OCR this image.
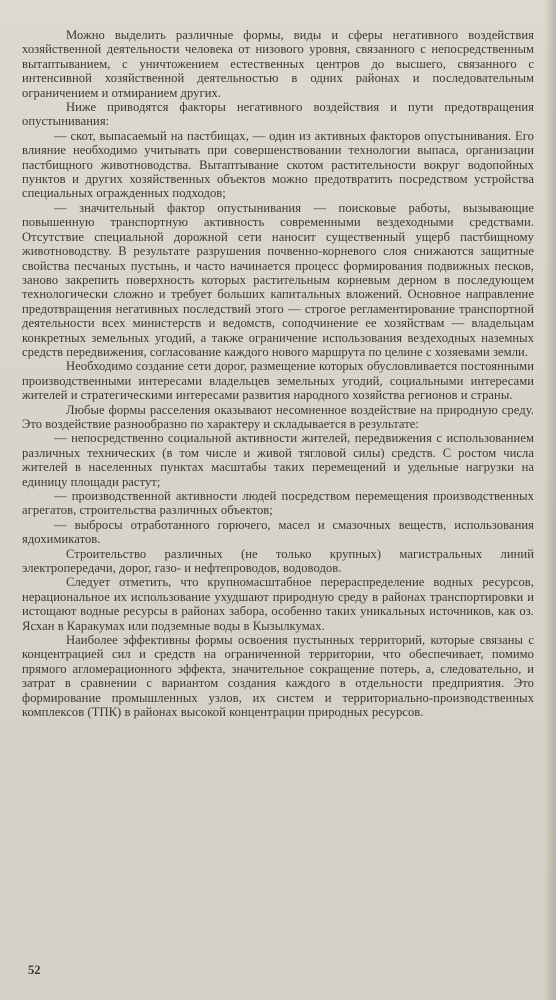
Можно выделить различные формы, виды и сферы негативного воздействия хозяйственной деятельности человека от низового уровня, связанного с непосредственным вытаптыванием, с уничтожением естественных центров до высшего, связанного с интенсивной хозяйственной деятельностью в одних районах и последовательным ограничением и отмиранием других.

Ниже приводятся факторы негативного воздействия и пути предотвращения опустынивания:

— скот, выпасаемый на пастбищах, — один из активных факторов опустынивания. Его влияние необходимо учитывать при совершенствовании технологии выпаса, организации пастбищного животноводства. Вытаптывание скотом растительности вокруг водопойных пунктов и других хозяйственных объектов можно предотвратить посредством устройства специальных огражденных подходов;

— значительный фактор опустынивания — поисковые работы, вызывающие повышенную транспортную активность современными вездеходными средствами. Отсутствие специальной дорожной сети наносит существенный ущерб пастбищному животноводству. В результате разрушения почвенно-корневого слоя снижаются защитные свойства песчаных пустынь, и часто начинается процесс формирования подвижных песков, заново закрепить поверхность которых растительным корневым дерном в последующем технологически сложно и требует больших капитальных вложений. Основное направление предотвращения негативных последствий этого — строгое регламентирование транспортной деятельности всех министерств и ведомств, соподчинение ее хозяйствам — владельцам конкретных земельных угодий, а также ограничение использования вездеходных наземных средств передвижения, согласование каждого нового маршрута по целине с хозяевами земли.

Необходимо создание сети дорог, размещение которых обусловливается постоянными производственными интересами владельцев земельных угодий, социальными интересами жителей и стратегическими интересами развития народного хозяйства регионов и страны.

Любые формы расселения оказывают несомненное воздействие на природную среду. Это воздействие разнообразно по характеру и складывается в результате:

— непосредственно социальной активности жителей, передвижения с использованием различных технических (в том числе и живой тягловой силы) средств. С ростом числа жителей в населенных пунктах масштабы таких перемещений и удельные нагрузки на единицу площади растут;

— производственной активности людей посредством перемещения производственных агрегатов, строительства различных объектов;

— выбросы отработанного горючего, масел и смазочных веществ, использования ядохимикатов.

Строительство различных (не только крупных) магистральных линий электропередачи, дорог, газо- и нефтепроводов, водоводов.

Следует отметить, что крупномасштабное перераспределение водных ресурсов, нерациональное их использование ухудшают природную среду в районах транспортировки и истощают водные ресурсы в районах забора, особенно таких уникальных источников, как оз. Ясхан в Каракумах или подземные воды в Кызылкумах.

Наиболее эффективны формы освоения пустынных территорий, которые связаны с концентрацией сил и средств на ограниченной территории, что обеспечивает, помимо прямого агломерационного эффекта, значительное сокращение потерь, а, следовательно, и затрат в сравнении с вариантом создания каждого в отдельности предприятия. Это формирование промышленных узлов, их систем и территориально-производственных комплексов (ТПК) в районах высокой концентрации природных ресурсов.

52
